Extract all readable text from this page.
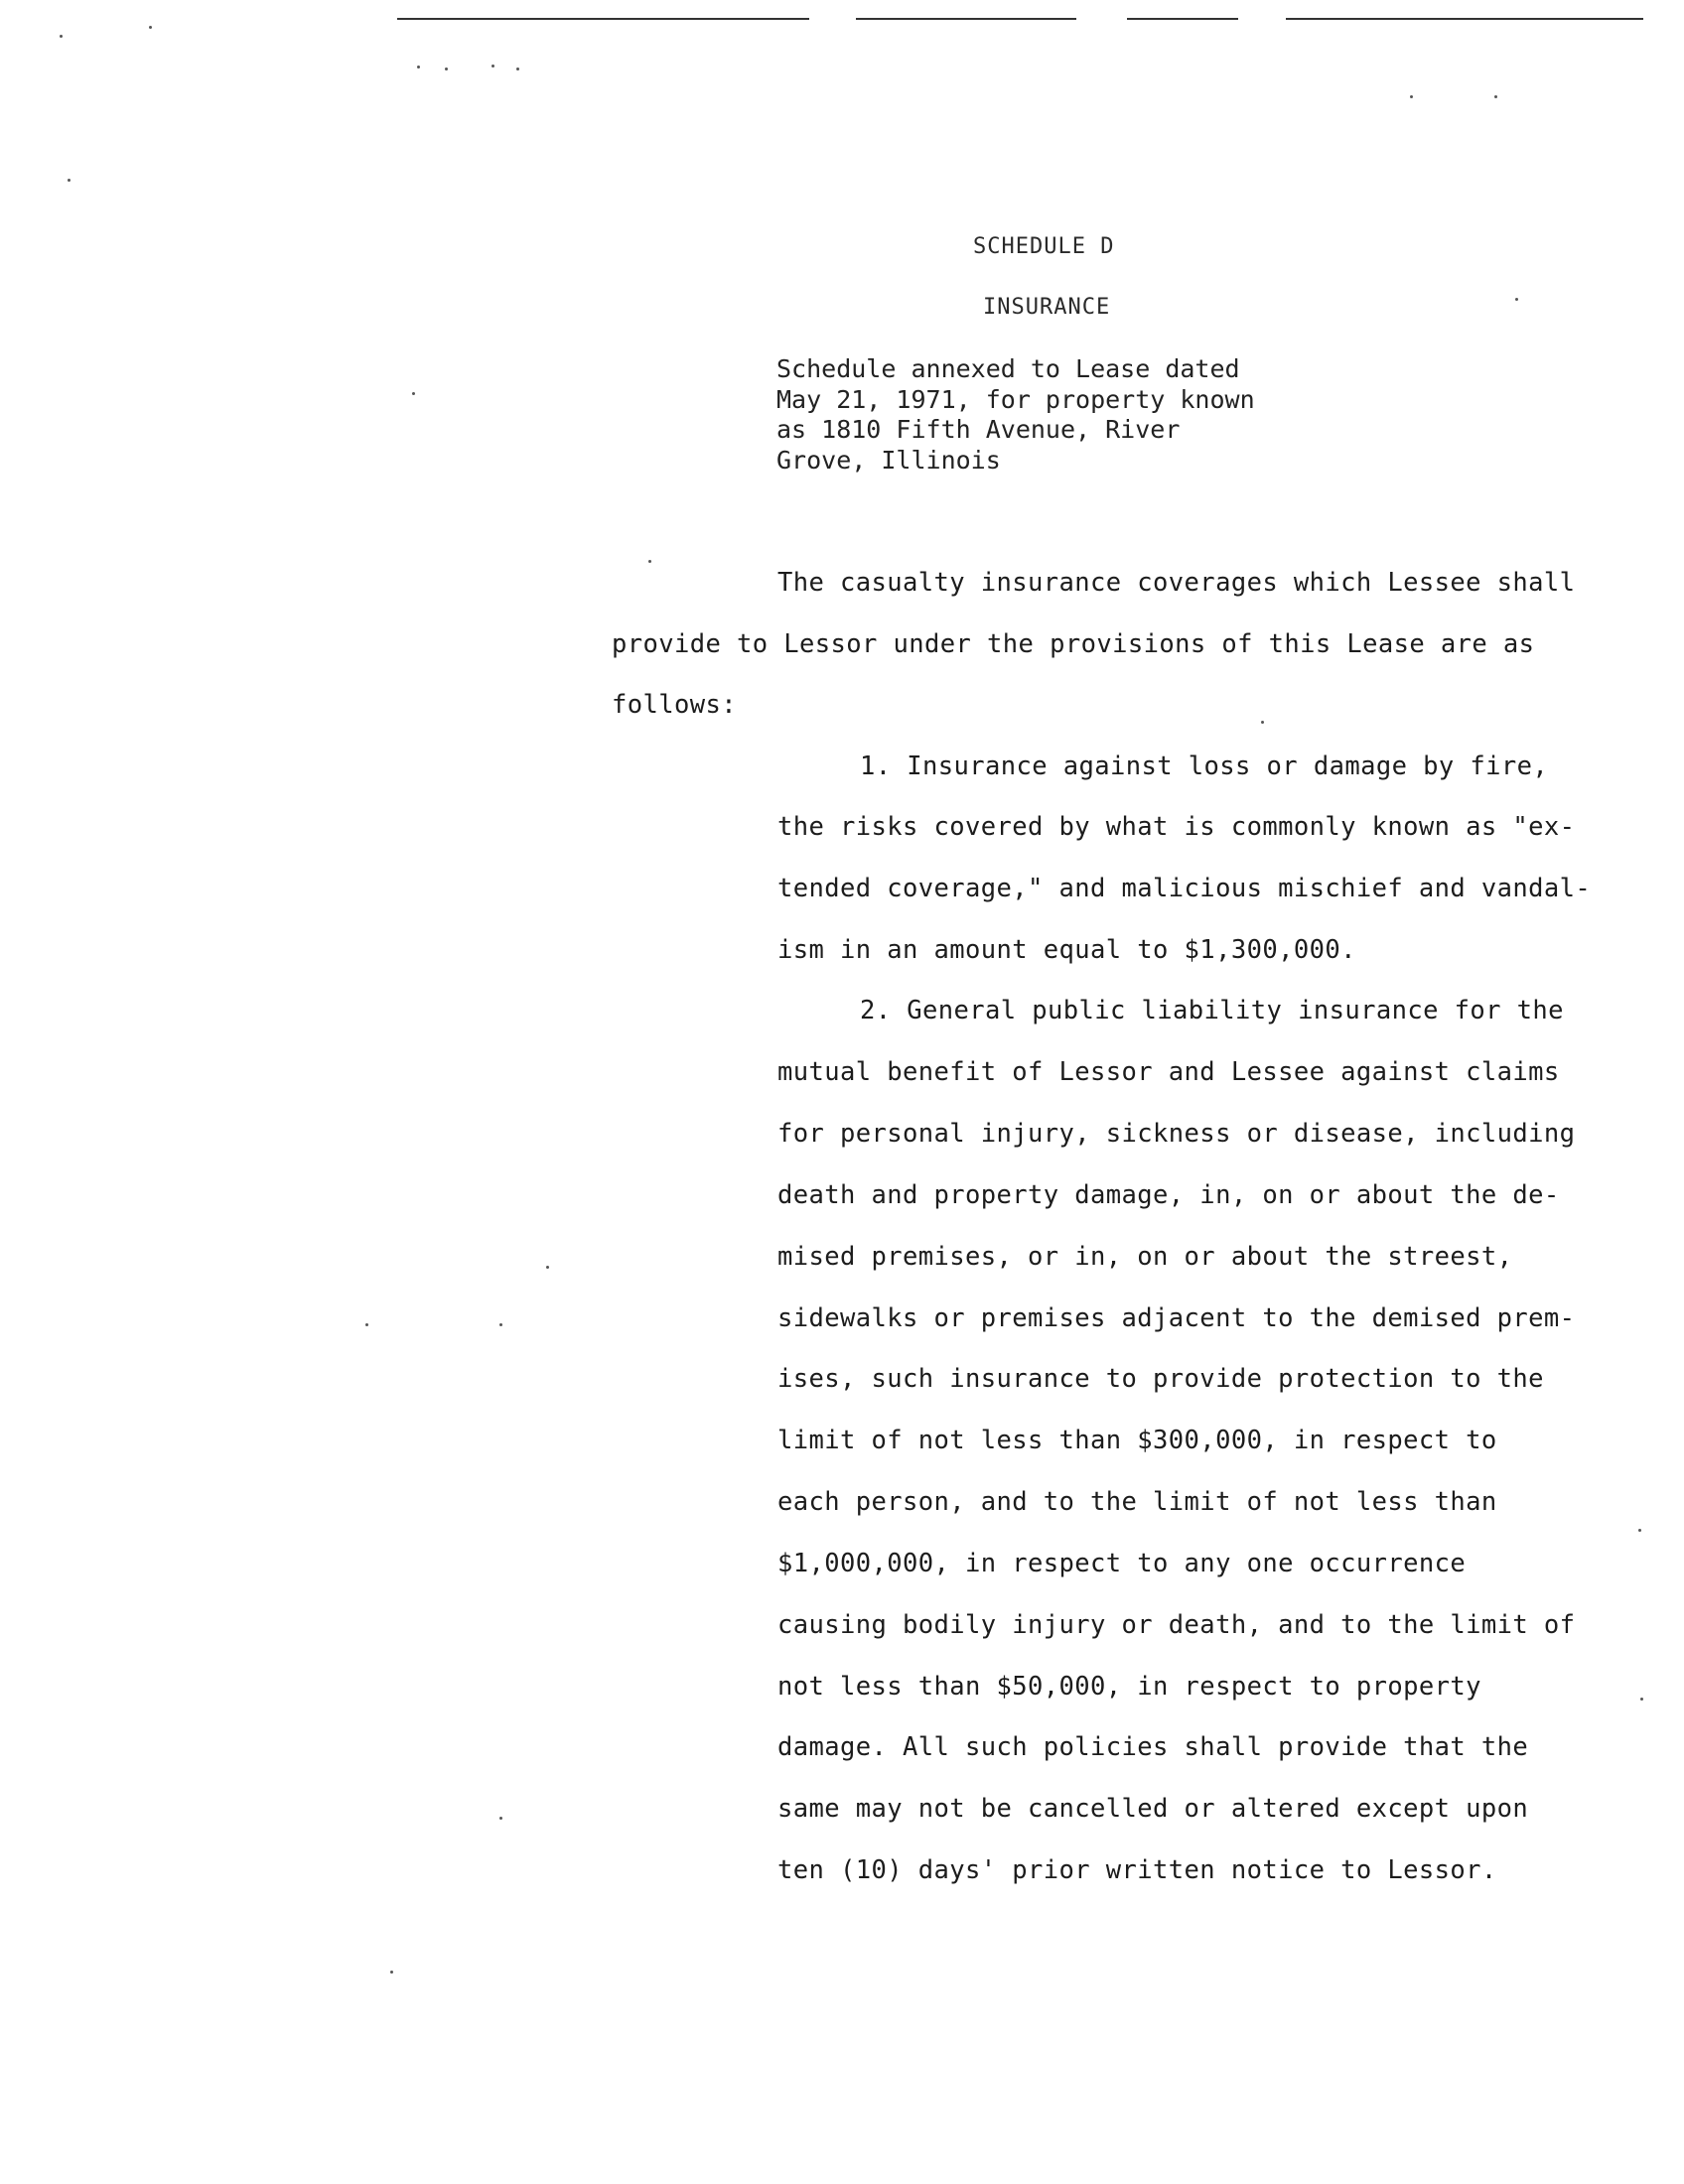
SCHEDULE D
INSURANCE
Schedule annexed to Lease dated
May 21, 1971, for property known
as 1810 Fifth Avenue, River
Grove, Illinois
The casualty insurance coverages which Lessee shall
provide to Lessor under the provisions of this Lease are as
follows:
1. Insurance against loss or damage by fire,
the risks covered by what is commonly known as "ex-
tended coverage," and malicious mischief and vandal-
ism in an amount equal to $1,300,000.
2. General public liability insurance for the
mutual benefit of Lessor and Lessee against claims
for personal injury, sickness or disease, including
death and property damage, in, on or about the de-
mised premises, or in, on or about the streest,
sidewalks or premises adjacent to the demised prem-
ises, such insurance to provide protection to the
limit of not less than $300,000, in respect to
each person, and to the limit of not less than
$1,000,000, in respect to any one occurrence
causing bodily injury or death, and to the limit of
not less than $50,000, in respect to property
damage. All such policies shall provide that the
same may not be cancelled or altered except upon
ten (10) days' prior written notice to Lessor.
